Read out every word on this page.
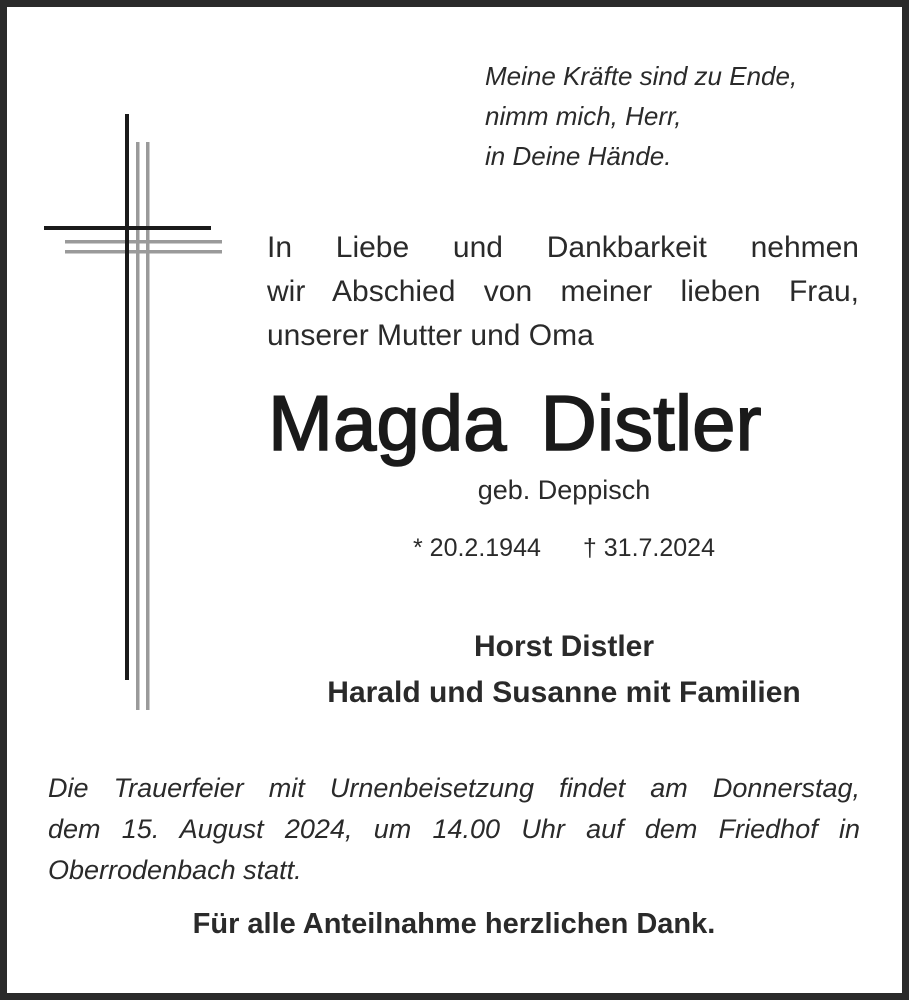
Meine Kräfte sind zu Ende,
nimm mich, Herr,
in Deine Hände.
In Liebe und Dankbarkeit nehmen
wir Abschied von meiner lieben Frau,
unserer Mutter und Oma
Magda Distler
geb. Deppisch
* 20.2.1944 † 31.7.2024
Horst Distler
Harald und Susanne mit Familien
Die Trauerfeier mit Urnenbeisetzung findet am Donnerstag,
dem 15. August 2024, um 14.00 Uhr auf dem Friedhof in
Oberrodenbach statt.
Für alle Anteilnahme herzlichen Dank.
